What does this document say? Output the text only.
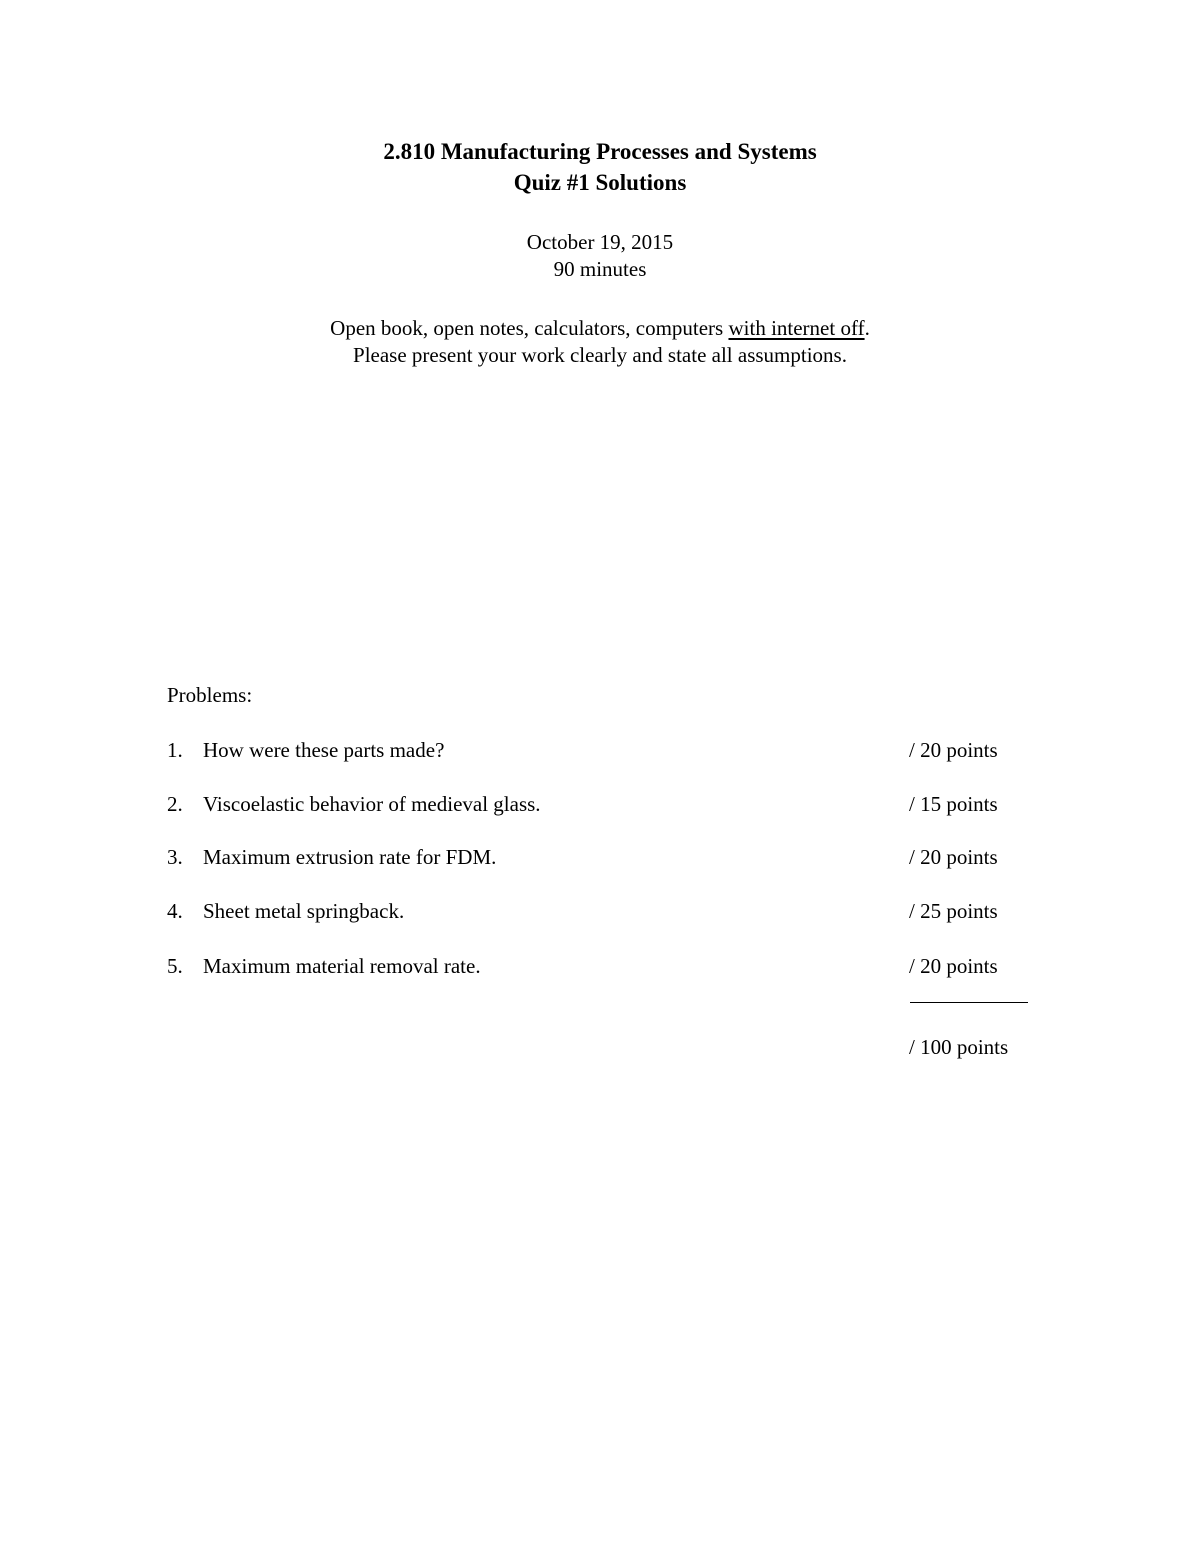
2.810 Manufacturing Processes and Systems
Quiz #1 Solutions
October 19, 2015
90 minutes
Open book, open notes, calculators, computers with internet off.
Please present your work clearly and state all assumptions.
Problems:
1. How were these parts made?	/ 20 points
2. Viscoelastic behavior of medieval glass.	/ 15 points
3. Maximum extrusion rate for FDM.	/ 20 points
4. Sheet metal springback.	/ 25 points
5. Maximum material removal rate.	/ 20 points
/ 100 points
